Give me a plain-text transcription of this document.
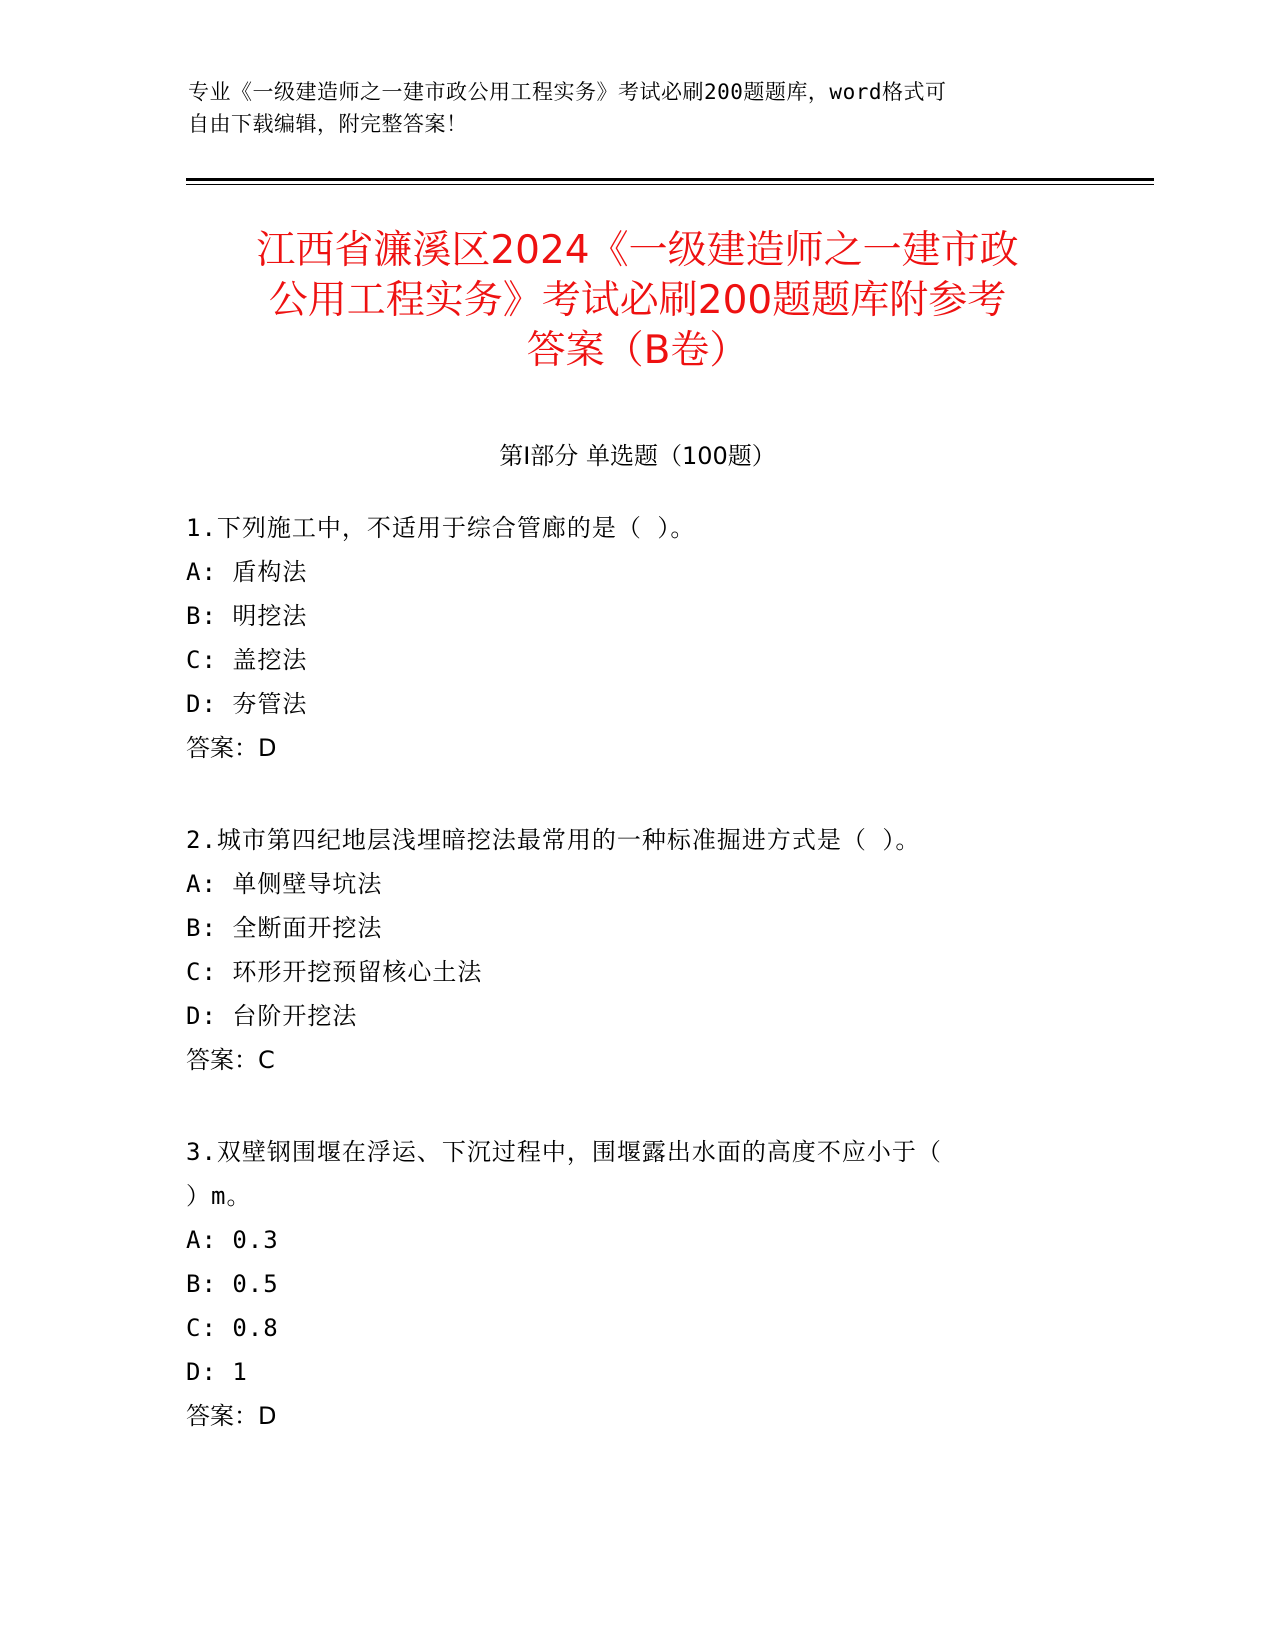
专业《一级建造师之一建市政公用工程实务》考试必刷200题题库，word格式可
自由下载编辑，附完整答案！
江西省濂溪区2024《一级建造师之一建市政
公用工程实务》考试必刷200题题库附参考
答案（B卷）
第I部分 单选题（100题）
1.下列施工中，不适用于综合管廊的是（ ）。
A: 盾构法
B: 明挖法
C: 盖挖法
D: 夯管法
答案：D
2.城市第四纪地层浅埋暗挖法最常用的一种标准掘进方式是（ ）。
A: 单侧壁导坑法
B: 全断面开挖法
C: 环形开挖预留核心土法
D: 台阶开挖法
答案：C
3.双壁钢围堰在浮运、下沉过程中，围堰露出水面的高度不应小于（
）m。
A: 0.3
B: 0.5
C: 0.8
D: 1
答案：D
